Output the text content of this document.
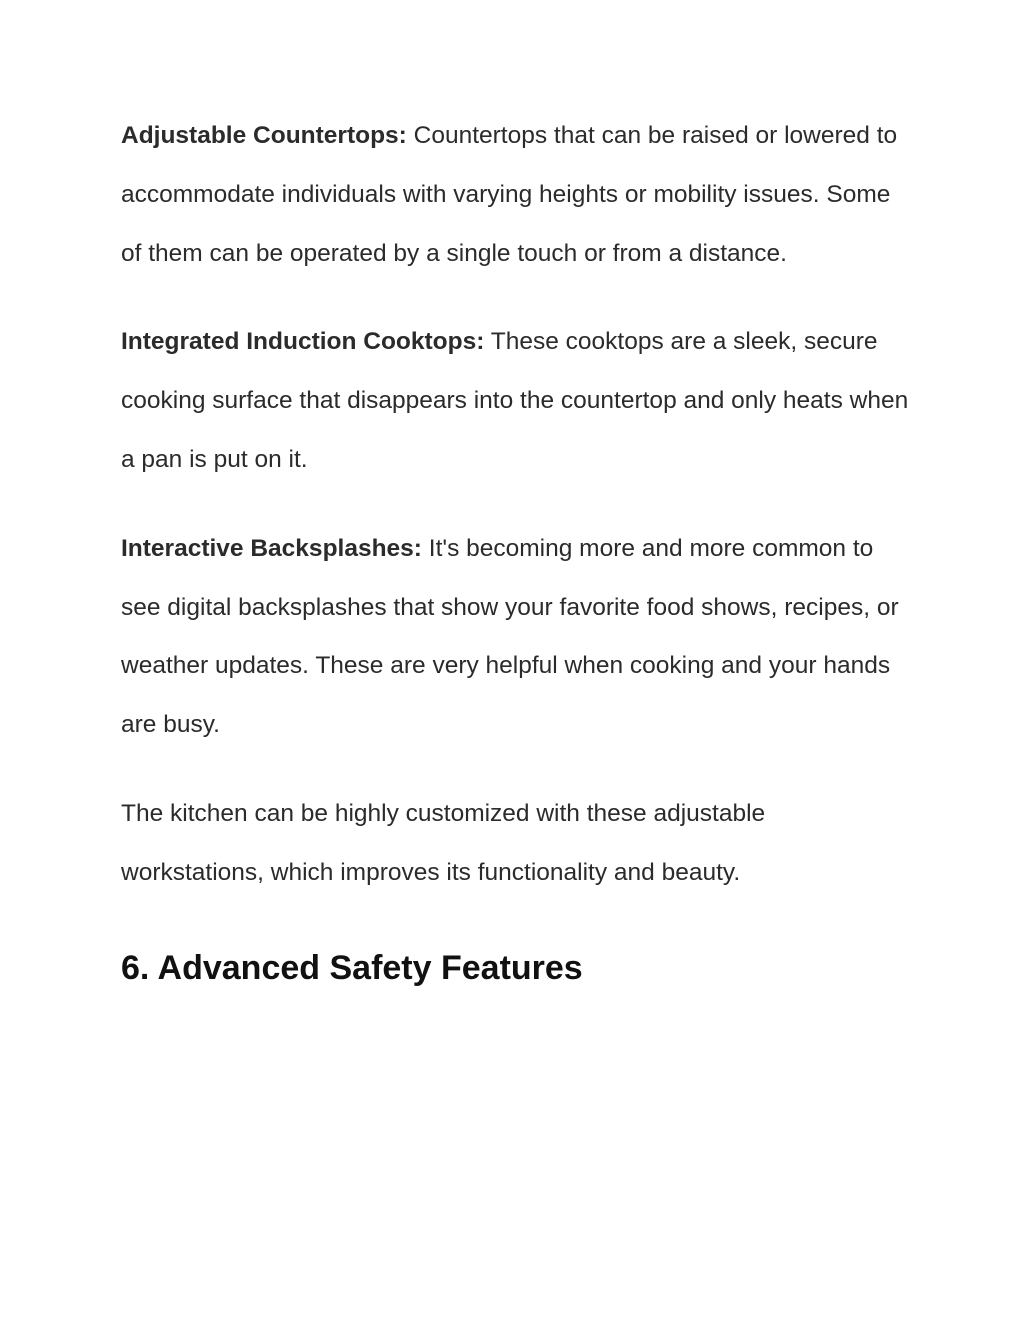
Adjustable Countertops: Countertops that can be raised or lowered to accommodate individuals with varying heights or mobility issues. Some of them can be operated by a single touch or from a distance.

Integrated Induction Cooktops: These cooktops are a sleek, secure cooking surface that disappears into the countertop and only heats when a pan is put on it.

Interactive Backsplashes: It's becoming more and more common to see digital backsplashes that show your favorite food shows, recipes, or weather updates. These are very helpful when cooking and your hands are busy.

The kitchen can be highly customized with these adjustable workstations, which improves its functionality and beauty.

6. Advanced Safety Features
